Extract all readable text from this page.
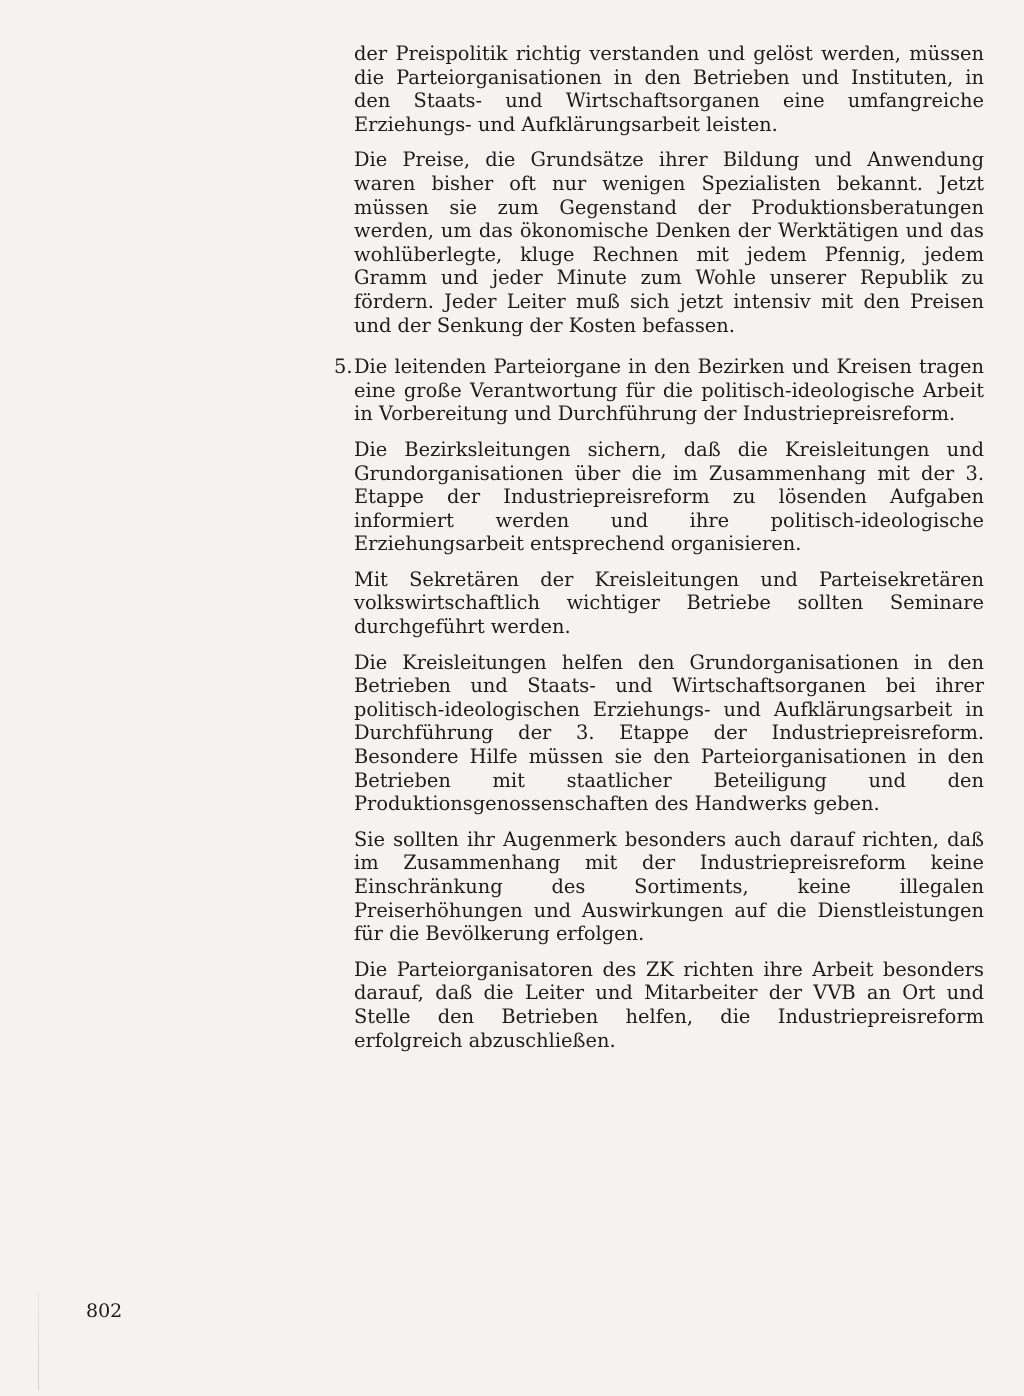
der Preispolitik richtig verstanden und gelöst werden, müssen die Parteiorganisationen in den Betrieben und Instituten, in den Staats- und Wirtschaftsorganen eine umfangreiche Erziehungs- und Aufklärungsarbeit leisten.

Die Preise, die Grundsätze ihrer Bildung und Anwendung waren bisher oft nur wenigen Spezialisten bekannt. Jetzt müssen sie zum Gegenstand der Produktionsberatungen werden, um das ökonomische Denken der Werktätigen und das wohlüberlegte, kluge Rechnen mit jedem Pfennig, jedem Gramm und jeder Minute zum Wohle unserer Republik zu fördern. Jeder Leiter muß sich jetzt intensiv mit den Preisen und der Senkung der Kosten befassen.

5. Die leitenden Parteiorgane in den Bezirken und Kreisen tragen eine große Verantwortung für die politisch-ideologische Arbeit in Vorbereitung und Durchführung der Industriepreisreform.

Die Bezirksleitungen sichern, daß die Kreisleitungen und Grundorganisationen über die im Zusammenhang mit der 3. Etappe der Industriepreisreform zu lösenden Aufgaben informiert werden und ihre politisch-ideologische Erziehungsarbeit entsprechend organisieren.

Mit Sekretären der Kreisleitungen und Parteisekretären volkswirtschaftlich wichtiger Betriebe sollten Seminare durchgeführt werden.

Die Kreisleitungen helfen den Grundorganisationen in den Betrieben und Staats- und Wirtschaftsorganen bei ihrer politisch-ideologischen Erziehungs- und Aufklärungsarbeit in Durchführung der 3. Etappe der Industriepreisreform. Besondere Hilfe müssen sie den Parteiorganisationen in den Betrieben mit staatlicher Beteiligung und den Produktionsgenossenschaften des Handwerks geben.

Sie sollten ihr Augenmerk besonders auch darauf richten, daß im Zusammenhang mit der Industriepreisreform keine Einschränkung des Sortiments, keine illegalen Preiserhöhungen und Auswirkungen auf die Dienstleistungen für die Bevölkerung erfolgen.

Die Parteiorganisatoren des ZK richten ihre Arbeit besonders darauf, daß die Leiter und Mitarbeiter der VVB an Ort und Stelle den Betrieben helfen, die Industriepreisreform erfolgreich abzuschließen.

802
